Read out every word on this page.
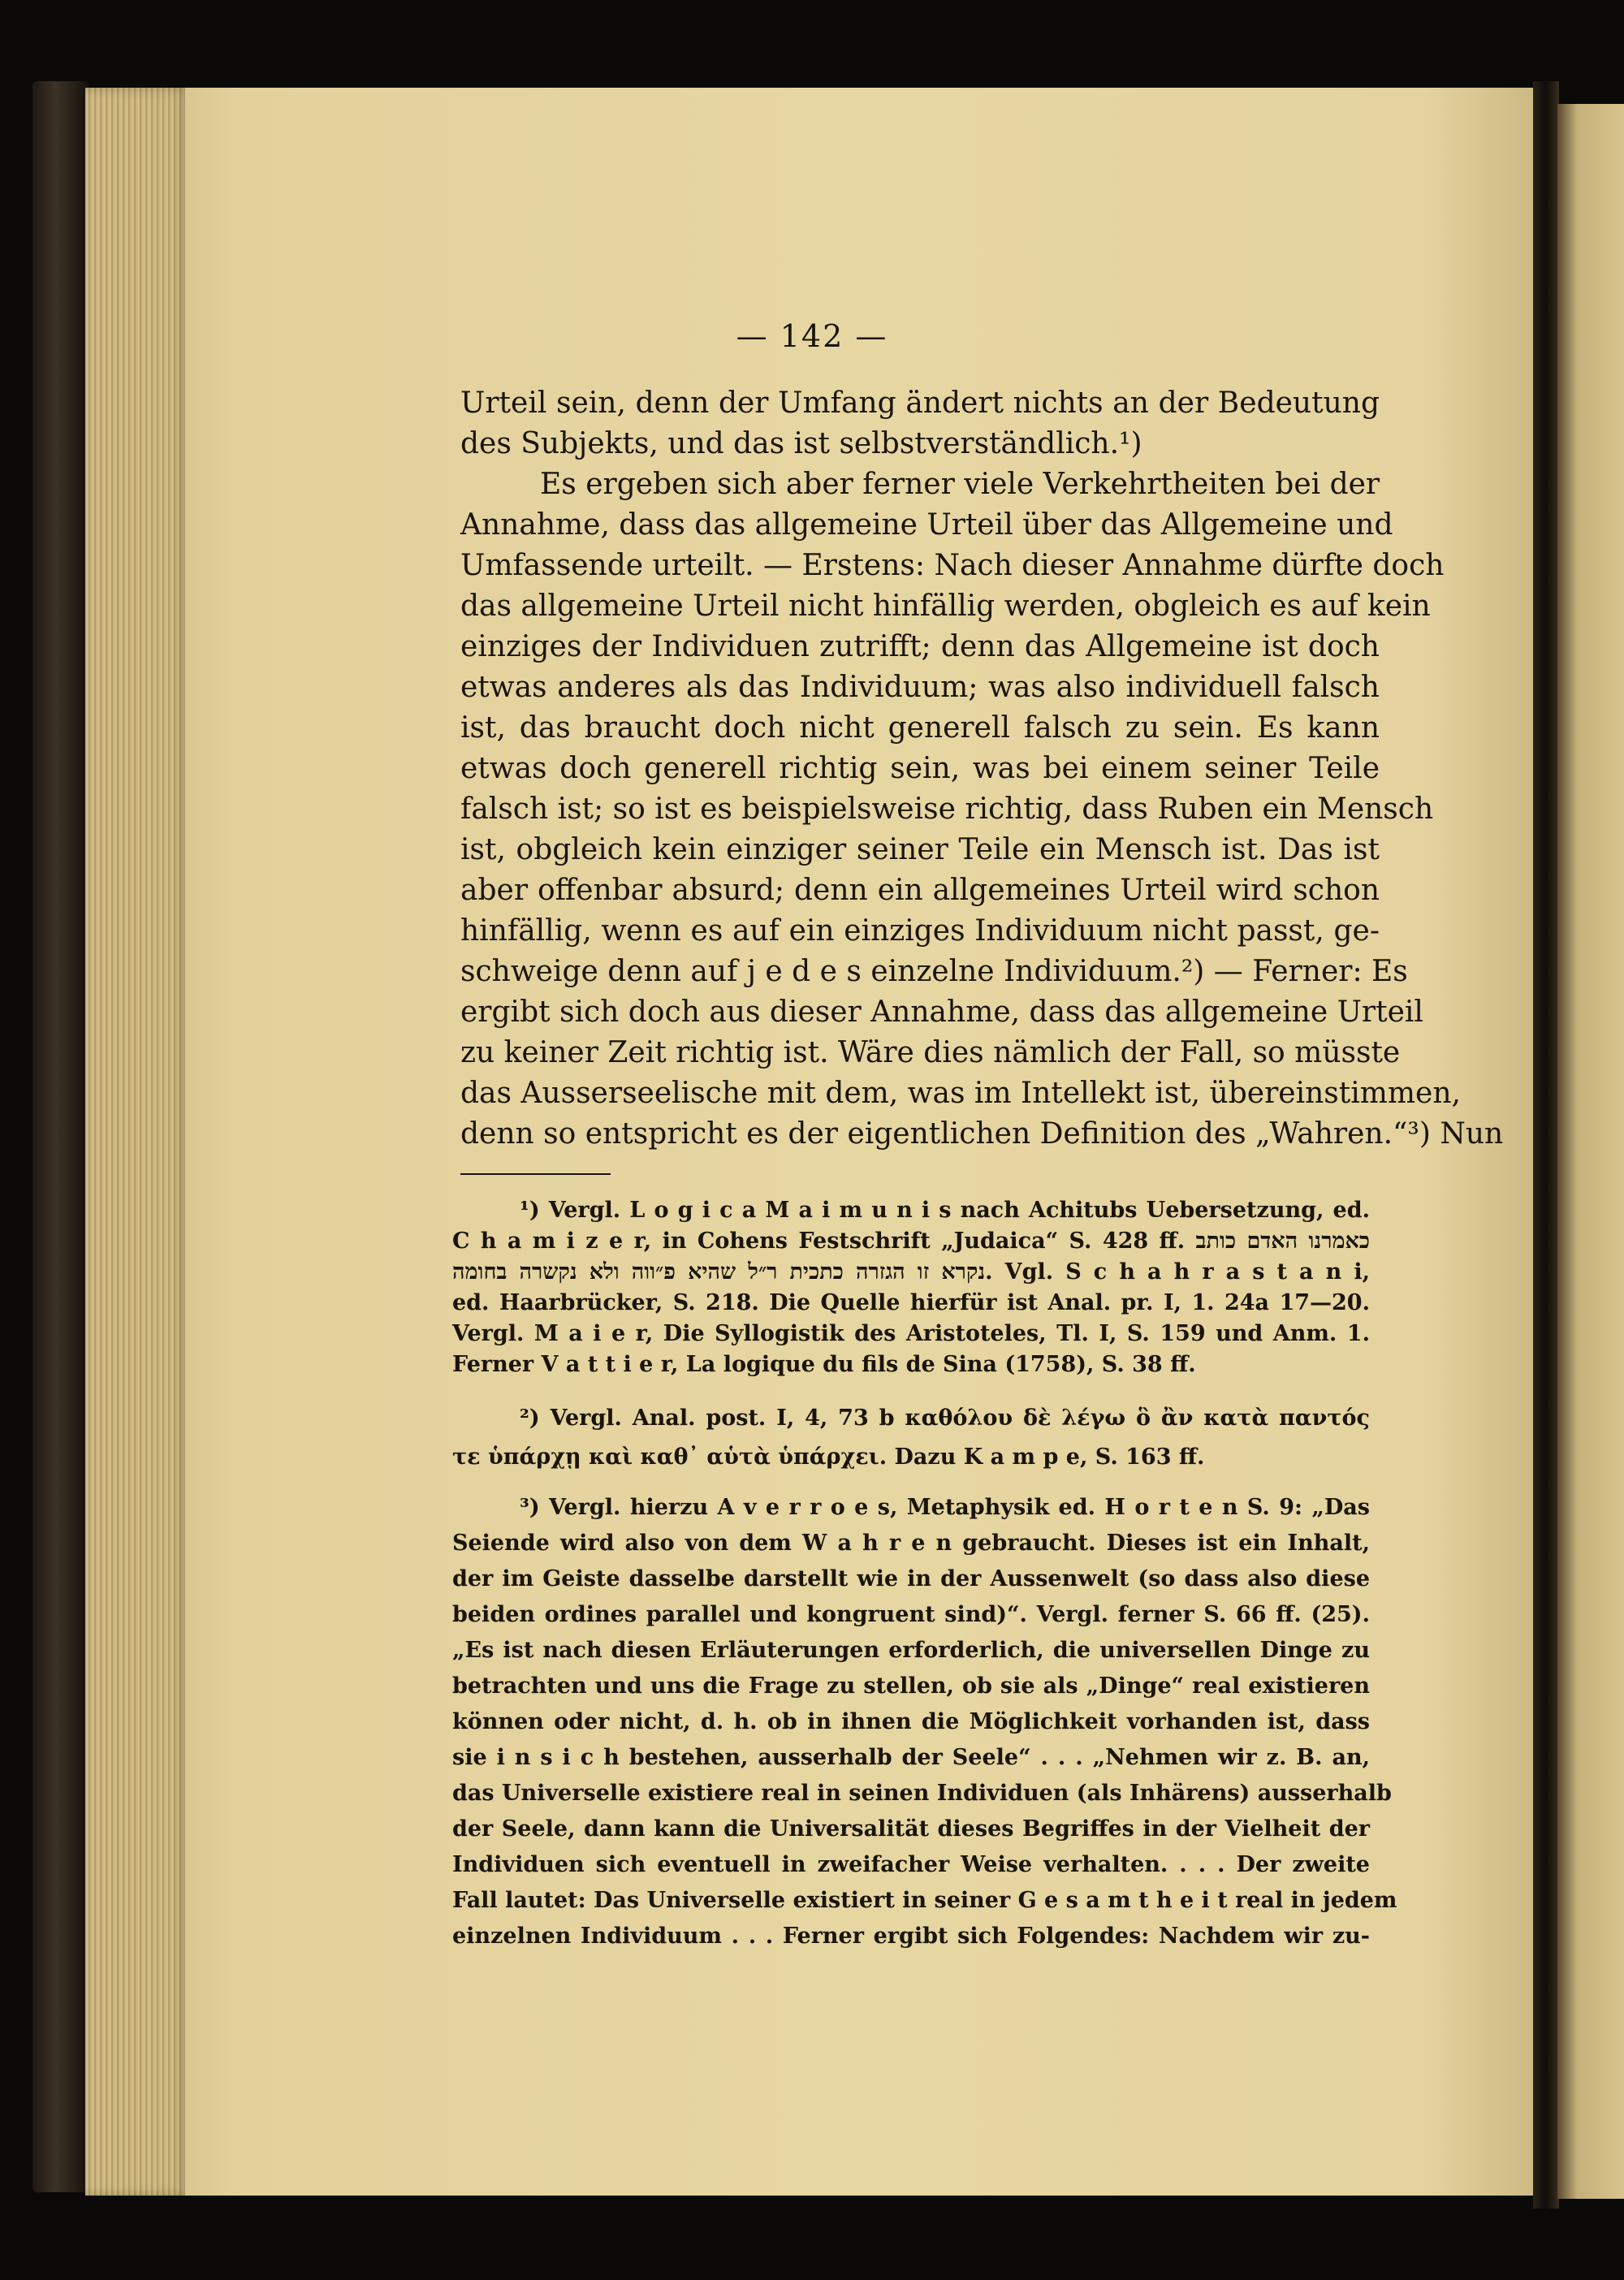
— 142 —
Urteil sein, denn der Umfang ändert nichts an der Bedeutung
des Subjekts, und das ist selbstverständlich.¹)
Es ergeben sich aber ferner viele Verkehrtheiten bei der
Annahme, dass das allgemeine Urteil über das Allgemeine und
Umfassende urteilt. — Erstens: Nach dieser Annahme dürfte doch
das allgemeine Urteil nicht hinfällig werden, obgleich es auf kein
einziges der Individuen zutrifft; denn das Allgemeine ist doch
etwas anderes als das Individuum; was also individuell falsch
ist, das braucht doch nicht generell falsch zu sein. Es kann
etwas doch generell richtig sein, was bei einem seiner Teile
falsch ist; so ist es beispielsweise richtig, dass Ruben ein Mensch
ist, obgleich kein einziger seiner Teile ein Mensch ist. Das ist
aber offenbar absurd; denn ein allgemeines Urteil wird schon
hinfällig, wenn es auf ein einziges Individuum nicht passt, ge-
schweige denn auf j e d e s einzelne Individuum.²) — Ferner: Es
ergibt sich doch aus dieser Annahme, dass das allgemeine Urteil
zu keiner Zeit richtig ist. Wäre dies nämlich der Fall, so müsste
das Ausserseelische mit dem, was im Intellekt ist, übereinstimmen,
denn so entspricht es der eigentlichen Definition des „Wahren.“³) Nun
¹) Vergl. L o g i c a M a i m u n i s nach Achitubs Uebersetzung, ed.
C h a m i z e r, in Cohens Festschrift „Judaica“ S. 428 ff. כאמרנו האדם כותב
נקרא זו הגזרה כתכית ר״ל שהיא פ״ווה ולא נקשרה בחומה. Vgl. S c h a h r a s t a n i,
ed. Haarbrücker, S. 218. Die Quelle hierfür ist Anal. pr. I, 1. 24a 17—20.
Vergl. M a i e r, Die Syllogistik des Aristoteles, Tl. I, S. 159 und Anm. 1.
Ferner V a t t i e r, La logique du fils de Sina (1758), S. 38 ff.
²) Vergl. Anal. post. I, 4, 73 b καθόλου δὲ λέγω ὃ ἂν κατὰ παντός
τε ὑπάρχῃ καὶ καθ᾽ αὑτὰ ὑπάρχει. Dazu K a m p e, S. 163 ff.
³) Vergl. hierzu A v e r r o e s, Metaphysik ed. H o r t e n S. 9: „Das
Seiende wird also von dem W a h r e n gebraucht. Dieses ist ein Inhalt,
der im Geiste dasselbe darstellt wie in der Aussenwelt (so dass also diese
beiden ordines parallel und kongruent sind)“. Vergl. ferner S. 66 ff. (25).
„Es ist nach diesen Erläuterungen erforderlich, die universellen Dinge zu
betrachten und uns die Frage zu stellen, ob sie als „Dinge“ real existieren
können oder nicht, d. h. ob in ihnen die Möglichkeit vorhanden ist, dass
sie i n s i c h bestehen, ausserhalb der Seele“ . . . „Nehmen wir z. B. an,
das Universelle existiere real in seinen Individuen (als Inhärens) ausserhalb
der Seele, dann kann die Universalität dieses Begriffes in der Vielheit der
Individuen sich eventuell in zweifacher Weise verhalten. . . . Der zweite
Fall lautet: Das Universelle existiert in seiner G e s a m t h e i t real in jedem
einzelnen Individuum . . . Ferner ergibt sich Folgendes: Nachdem wir zu-
